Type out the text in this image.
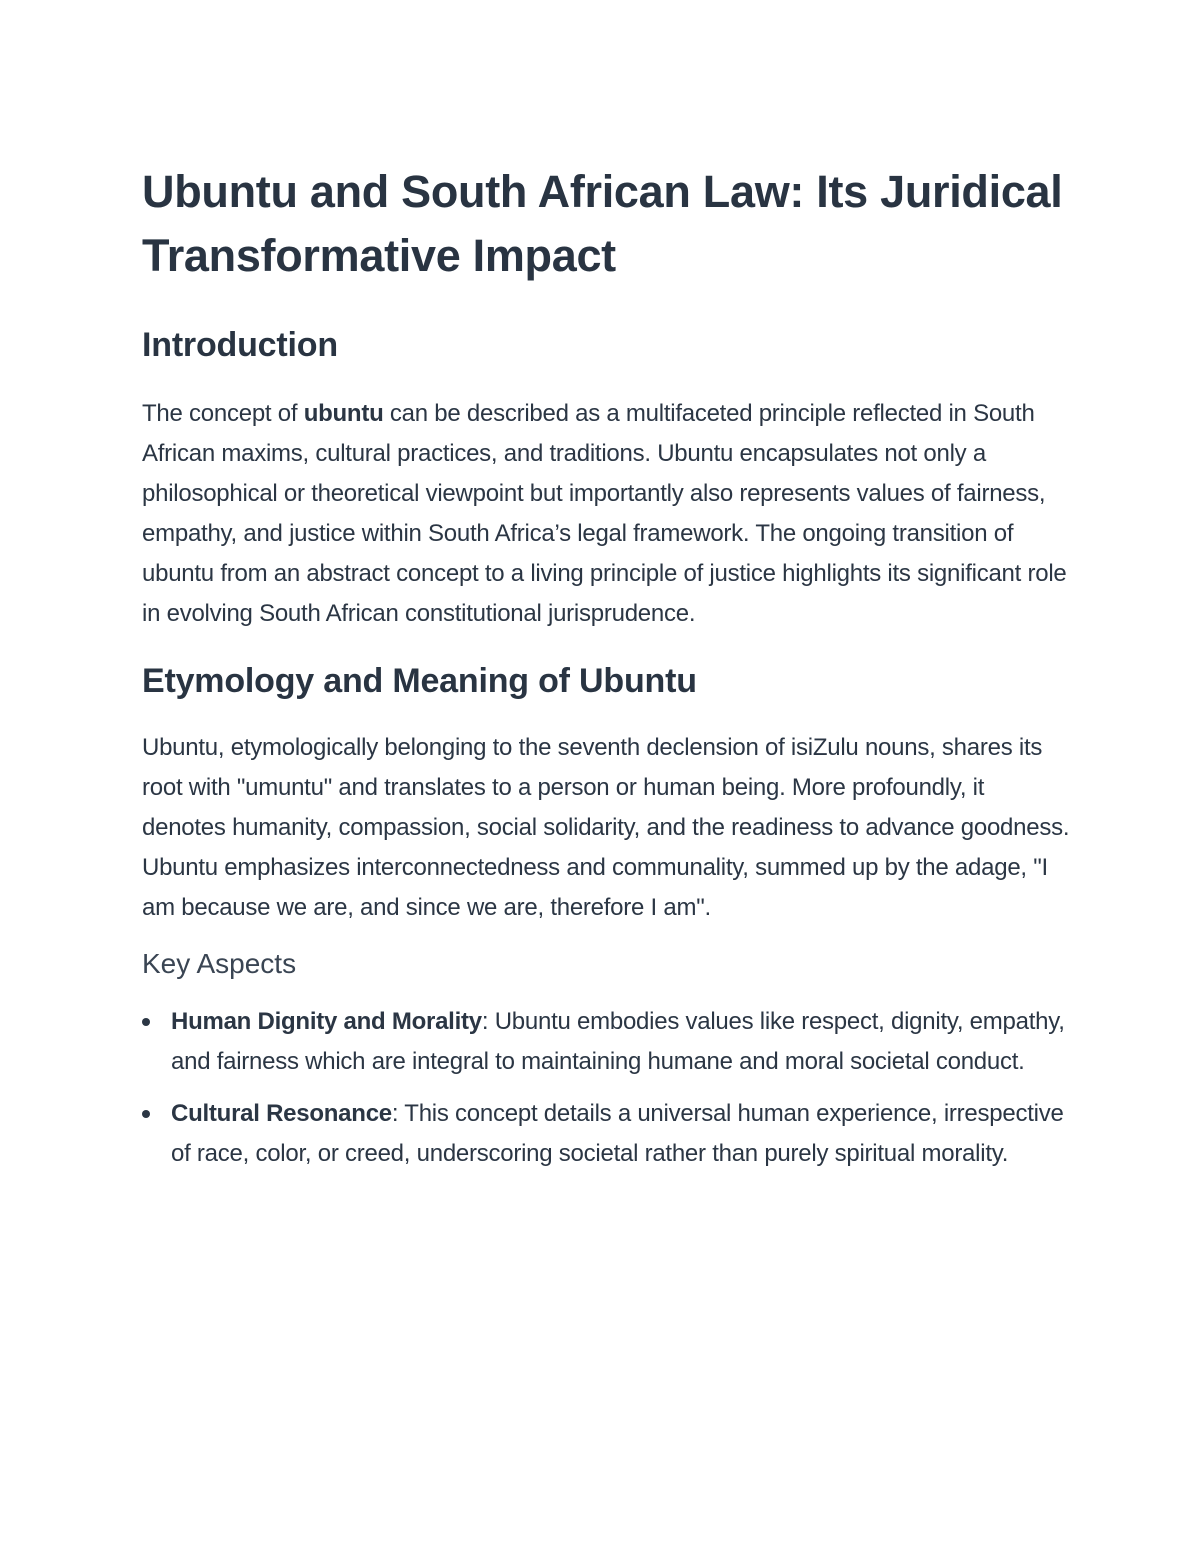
Ubuntu and South African Law: Its Juridical Transformative Impact
Introduction

The concept of ubuntu can be described as a multifaceted principle reflected in South African maxims, cultural practices, and traditions. Ubuntu encapsulates not only a philosophical or theoretical viewpoint but importantly also represents values of fairness, empathy, and justice within South Africa’s legal framework. The ongoing transition of ubuntu from an abstract concept to a living principle of justice highlights its significant role in evolving South African constitutional jurisprudence.

Etymology and Meaning of Ubuntu

Ubuntu, etymologically belonging to the seventh declension of isiZulu nouns, shares its root with "umuntu" and translates to a person or human being. More profoundly, it denotes humanity, compassion, social solidarity, and the readiness to advance goodness. Ubuntu emphasizes interconnectedness and communality, summed up by the adage, "I am because we are, and since we are, therefore I am".

Key Aspects
Human Dignity and Morality: Ubuntu embodies values like respect, dignity, empathy, and fairness which are integral to maintaining humane and moral societal conduct.
Cultural Resonance: This concept details a universal human experience, irrespective of race, color, or creed, underscoring societal rather than purely spiritual morality.
